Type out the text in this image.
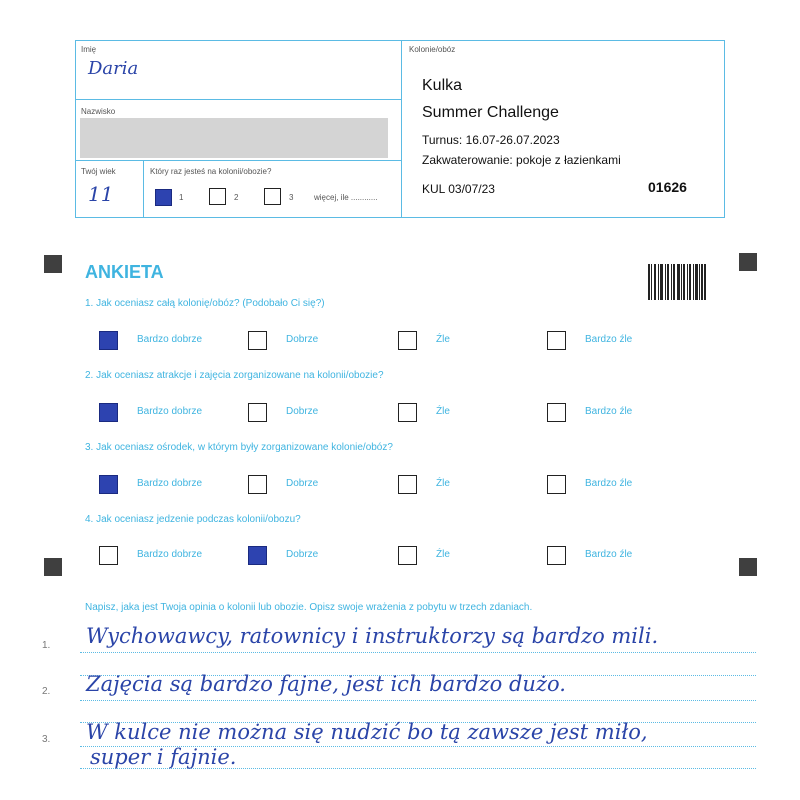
Imię
Daria
Nazwisko
Twój wiek
11
Który raz jesteś na kolonii/obozie?
1	2	3	więcej, ile ............
Kolonie/obóz
Kulka
Summer Challenge
Turnus: 16.07-26.07.2023
Zakwaterowanie: pokoje z łazienkami
KUL 03/07/23	01626
ANKIETA
1. Jak oceniasz całą kolonię/obóz? (Podobało Ci się?)
2. Jak oceniasz atrakcje i zajęcia zorganizowane na kolonii/obozie?
3. Jak oceniasz ośrodek, w którym były zorganizowane kolonie/obóz?
4. Jak oceniasz jedzenie podczas kolonii/obozu?
Bardzo dobrze	Dobrze	Źle	Bardzo źle
Bardzo dobrze	Dobrze	Źle	Bardzo źle
Bardzo dobrze	Dobrze	Źle	Bardzo źle
Bardzo dobrze	Dobrze	Źle	Bardzo źle
Napisz, jaka jest Twoja opinia o kolonii lub obozie. Opisz swoje wrażenia z pobytu w trzech zdaniach.
1.
2.
3.
Wychowawcy, ratownicy i instruktorzy są bardzo mili.
Zajęcia są bardzo fajne, jest ich bardzo dużo.
W kulce nie można się nudzić bo tą zawsze jest miło,
super i fajnie.
